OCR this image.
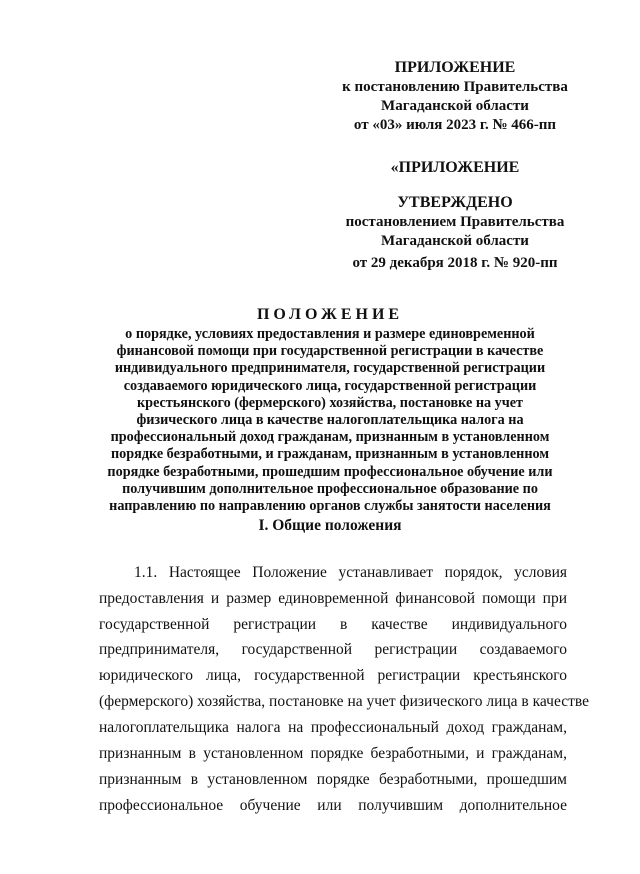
ПРИЛОЖЕНИЕ
к постановлению Правительства
Магаданской области
от «03» июля 2023 г. № 466-пп
«ПРИЛОЖЕНИЕ
УТВЕРЖДЕНО
постановлением Правительства
Магаданской области
от 29 декабря 2018 г. № 920-пп
ПОЛОЖЕНИЕ
о порядке, условиях предоставления и размере единовременной
финансовой помощи при государственной регистрации в качестве
индивидуального предпринимателя, государственной регистрации
создаваемого юридического лица, государственной регистрации
крестьянского (фермерского) хозяйства, постановке на учет
физического лица в качестве налогоплательщика налога на
профессиональный доход гражданам, признанным в установленном
порядке безработными, и гражданам, признанным в установленном
порядке безработными, прошедшим профессиональное обучение или
получившим дополнительное профессиональное образование по
направлению по направлению органов службы занятости населения
I. Общие положения
1.1. Настоящее Положение устанавливает порядок, условия
предоставления и размер единовременной финансовой помощи при
государственной регистрации в качестве индивидуального
предпринимателя, государственной регистрации создаваемого
юридического лица, государственной регистрации крестьянского
(фермерского) хозяйства, постановке на учет физического лица в качестве
налогоплательщика налога на профессиональный доход гражданам,
признанным в установленном порядке безработными, и гражданам,
признанным в установленном порядке безработными, прошедшим
профессиональное обучение или получившим дополнительное
